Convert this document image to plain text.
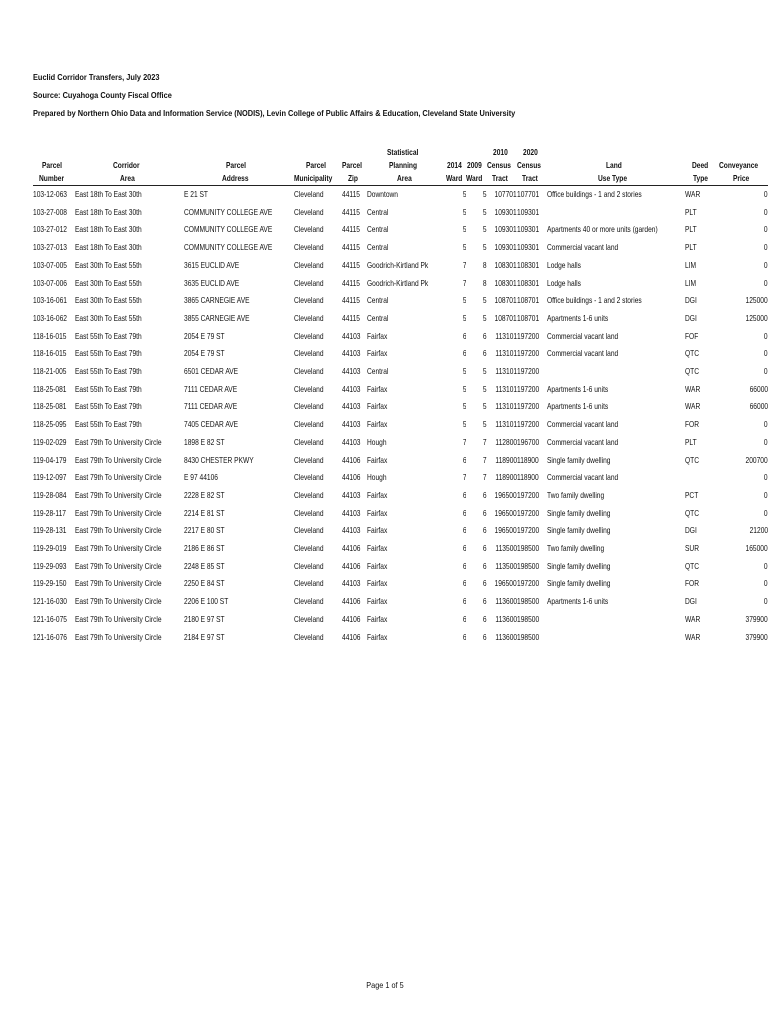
Euclid Corridor Transfers, July 2023
Source: Cuyahoga County Fiscal Office
Prepared by Northern Ohio Data and Information Service (NODIS), Levin College of Public Affairs & Education, Cleveland State University
					Statistical			2010	2020			
Parcel	Corridor	Parcel	Parcel	Parcel	Planning	2014	2009	Census	Census	Land	Deed	Conveyance
Number	Area	Address	Municipality	Zip	Area	Ward	Ward	Tract	Tract	Use Type	Type	Price
103-12-063	East 18th To East 30th	E 21 ST	Cleveland	44115	Downtown	5	5	107701	107701	Office buildings - 1 and 2 stories	WAR	0
103-27-008	East 18th To East 30th	COMMUNITY COLLEGE AVE	Cleveland	44115	Central	5	5	109301	109301		PLT	0
103-27-012	East 18th To East 30th	COMMUNITY COLLEGE AVE	Cleveland	44115	Central	5	5	109301	109301	Apartments 40 or more units (garden)	PLT	0
103-27-013	East 18th To East 30th	COMMUNITY COLLEGE AVE	Cleveland	44115	Central	5	5	109301	109301	Commercial vacant land	PLT	0
103-07-005	East 30th To East 55th	3615 EUCLID AVE	Cleveland	44115	Goodrich-Kirtland Pk	7	8	108301	108301	Lodge halls	LIM	0
103-07-006	East 30th To East 55th	3635 EUCLID AVE	Cleveland	44115	Goodrich-Kirtland Pk	7	8	108301	108301	Lodge halls	LIM	0
103-16-061	East 30th To East 55th	3865 CARNEGIE AVE	Cleveland	44115	Central	5	5	108701	108701	Office buildings - 1 and 2 stories	DGI	125000
103-16-062	East 30th To East 55th	3855 CARNEGIE AVE	Cleveland	44115	Central	5	5	108701	108701	Apartments 1-6 units	DGI	125000
118-16-015	East 55th To East 79th	2054 E 79 ST	Cleveland	44103	Fairfax	6	6	113101	197200	Commercial vacant land	FOF	0
118-16-015	East 55th To East 79th	2054 E 79 ST	Cleveland	44103	Fairfax	6	6	113101	197200	Commercial vacant land	QTC	0
118-21-005	East 55th To East 79th	6501 CEDAR AVE	Cleveland	44103	Central	5	5	113101	197200		QTC	0
118-25-081	East 55th To East 79th	7111 CEDAR AVE	Cleveland	44103	Fairfax	5	5	113101	197200	Apartments 1-6 units	WAR	66000
118-25-081	East 55th To East 79th	7111 CEDAR AVE	Cleveland	44103	Fairfax	5	5	113101	197200	Apartments 1-6 units	WAR	66000
118-25-095	East 55th To East 79th	7405 CEDAR AVE	Cleveland	44103	Fairfax	5	5	113101	197200	Commercial vacant land	FOR	0
119-02-029	East 79th To University Circle	1898 E 82 ST	Cleveland	44103	Hough	7	7	112800	196700	Commercial vacant land	PLT	0
119-04-179	East 79th To University Circle	8430 CHESTER PKWY	Cleveland	44106	Fairfax	6	7	118900	118900	Single family dwelling	QTC	200700
119-12-097	East 79th To University Circle	E 97 44106	Cleveland	44106	Hough	7	7	118900	118900	Commercial vacant land		0
119-28-084	East 79th To University Circle	2228 E 82 ST	Cleveland	44103	Fairfax	6	6	196500	197200	Two family dwelling	PCT	0
119-28-117	East 79th To University Circle	2214 E 81 ST	Cleveland	44103	Fairfax	6	6	196500	197200	Single family dwelling	QTC	0
119-28-131	East 79th To University Circle	2217 E 80 ST	Cleveland	44103	Fairfax	6	6	196500	197200	Single family dwelling	DGI	21200
119-29-019	East 79th To University Circle	2186 E 86 ST	Cleveland	44106	Fairfax	6	6	113500	198500	Two family dwelling	SUR	165000
119-29-093	East 79th To University Circle	2248 E 85 ST	Cleveland	44106	Fairfax	6	6	113500	198500	Single family dwelling	QTC	0
119-29-150	East 79th To University Circle	2250 E 84 ST	Cleveland	44103	Fairfax	6	6	196500	197200	Single family dwelling	FOR	0
121-16-030	East 79th To University Circle	2206 E 100 ST	Cleveland	44106	Fairfax	6	6	113600	198500	Apartments 1-6 units	DGI	0
121-16-075	East 79th To University Circle	2180 E 97 ST	Cleveland	44106	Fairfax	6	6	113600	198500		WAR	379900
121-16-076	East 79th To University Circle	2184 E 97 ST	Cleveland	44106	Fairfax	6	6	113600	198500		WAR	379900
Page 1 of 5
